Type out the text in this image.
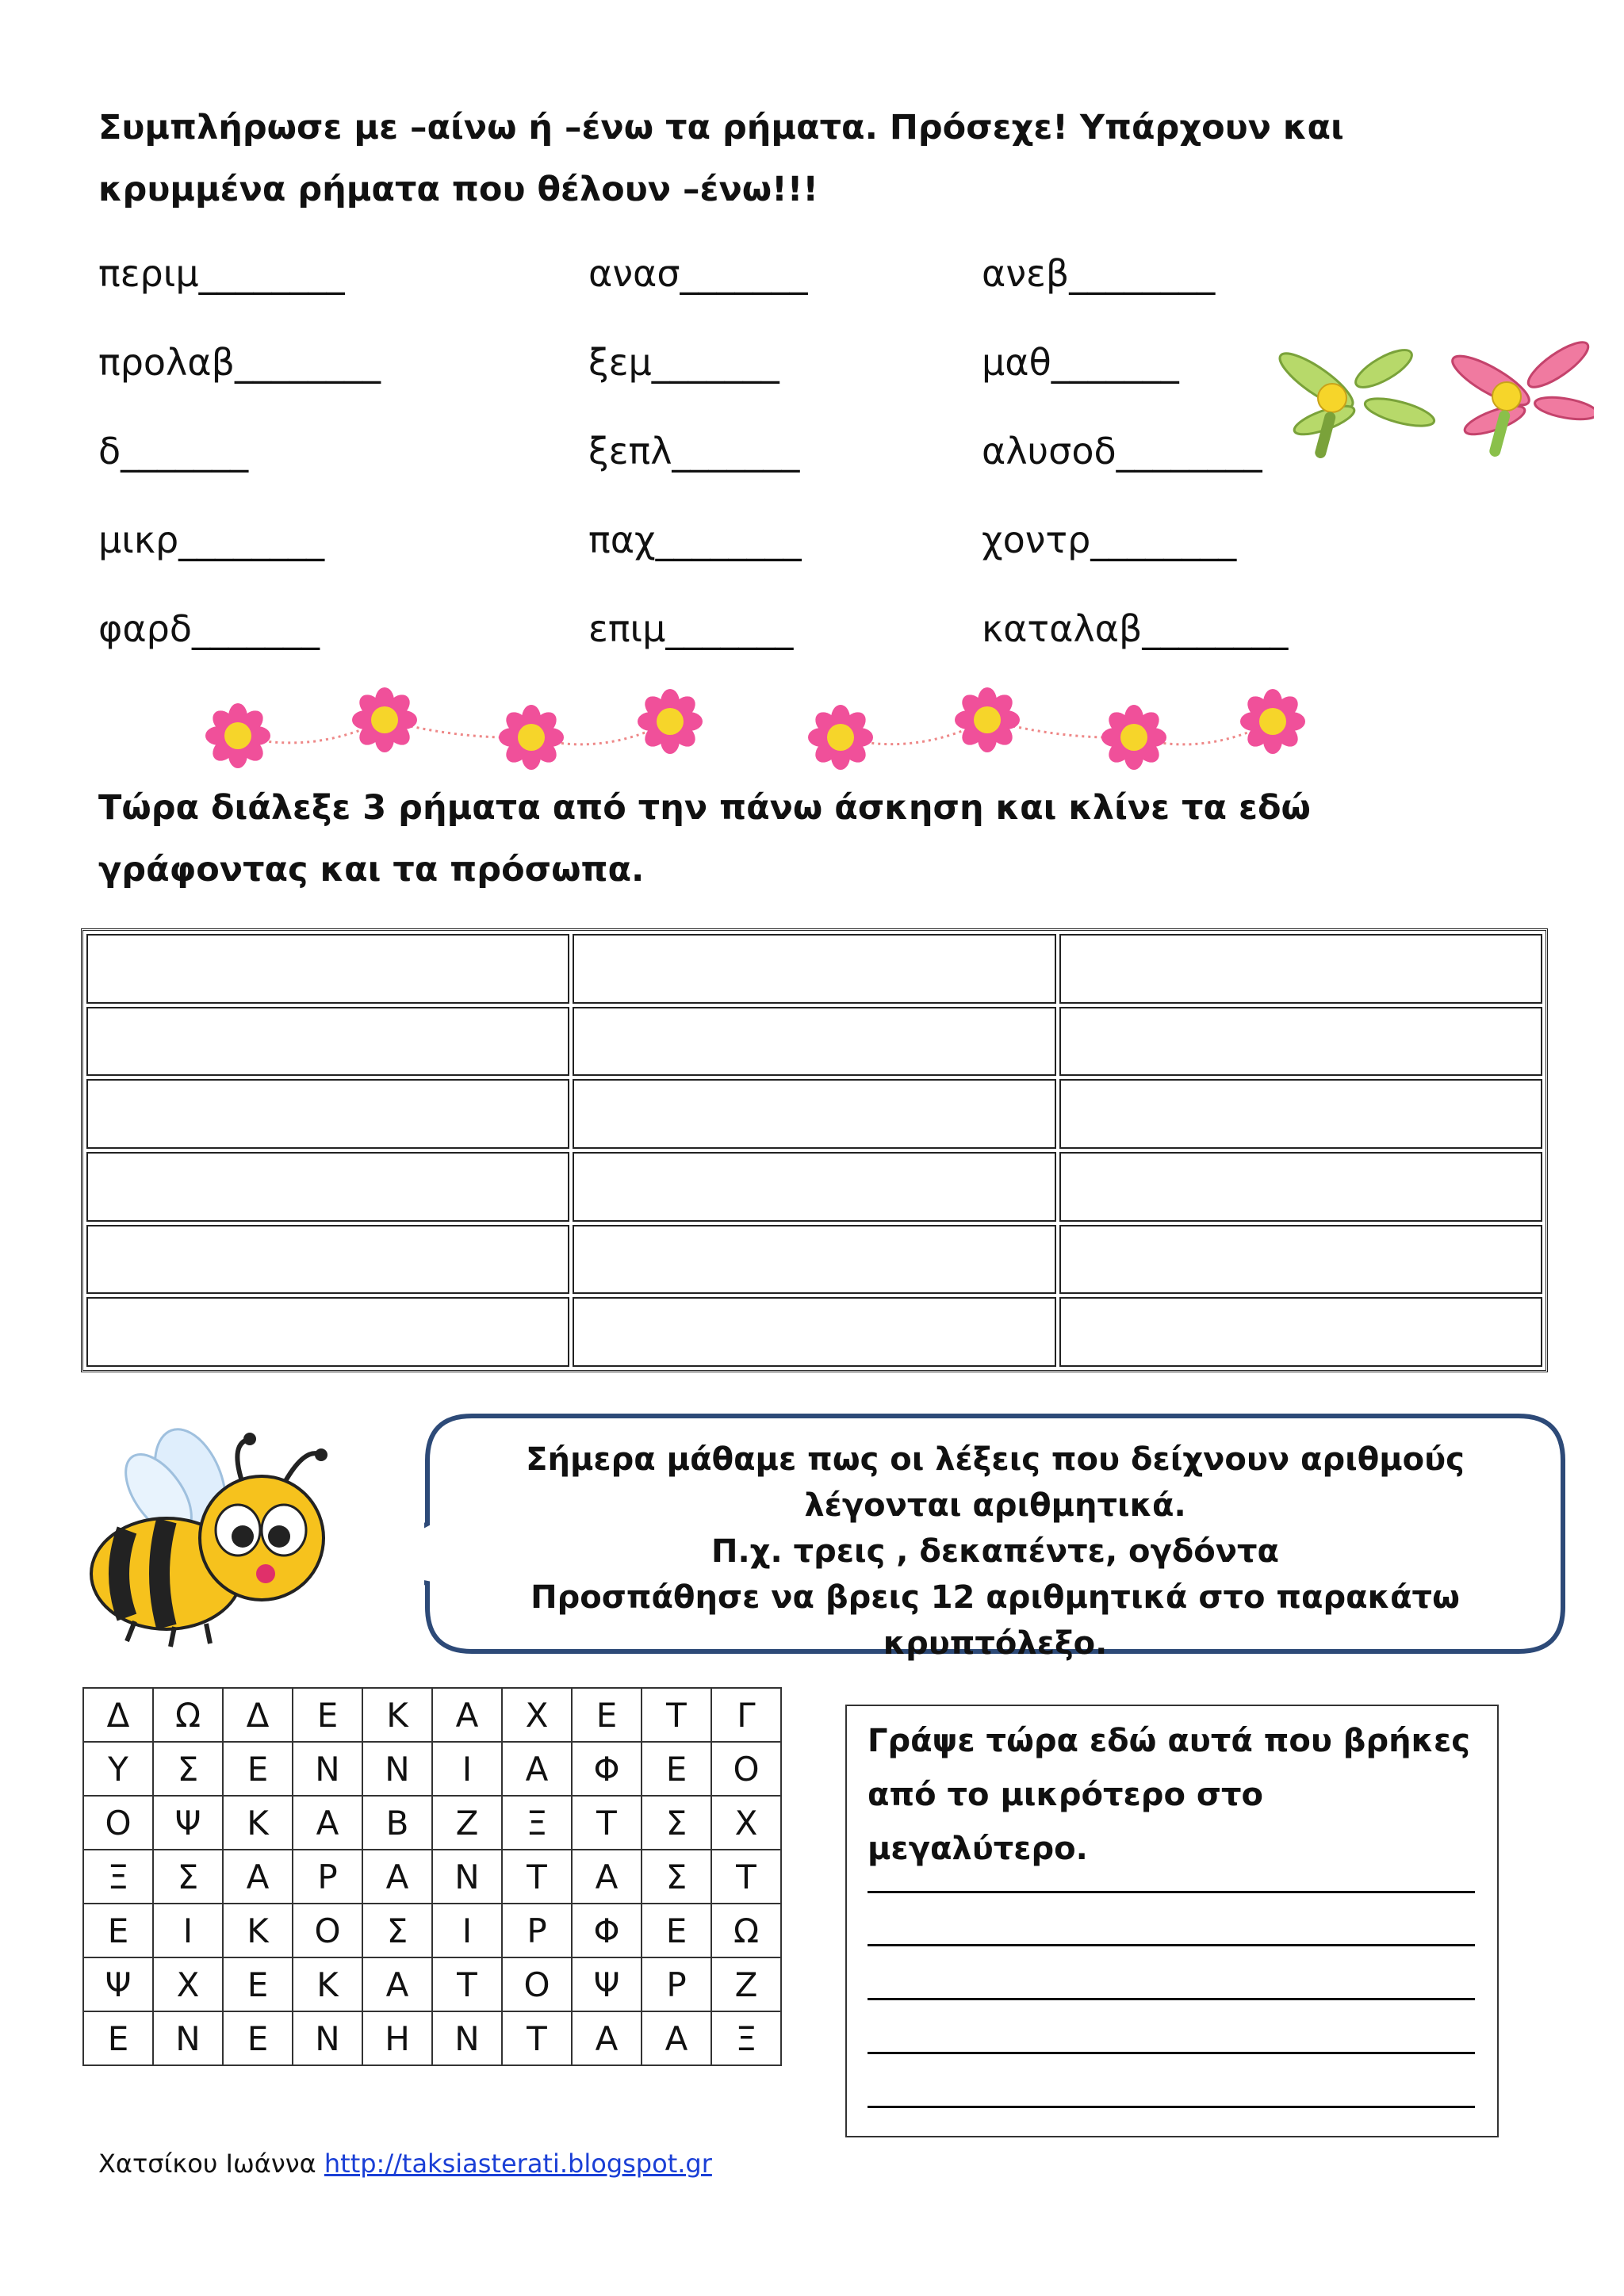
Συμπλήρωσε με –αίνω ή –ένω τα ρήματα. Πρόσεχε! Υπάρχουν και κρυμμένα ρήματα που θέλουν –ένω!!!
περιμ________	ανασ_______	ανεβ________
προλαβ________	ξεμ_______	μαθ_______
δ_______	ξεπλ_______	αλυσοδ________
μικρ________	παχ________	χοντρ________
φαρδ_______	επιμ_______	καταλαβ________
Τώρα διάλεξε 3 ρήματα από την πάνω άσκηση και κλίνε τα εδώ γράφοντας και τα πρόσωπα.

Σήμερα μάθαμε πως οι λέξεις που δείχνουν αριθμούς λέγονται αριθμητικά.
Π.χ. τρεις , δεκαπέντε, ογδόντα
Προσπάθησε να βρεις 12 αριθμητικά στο παρακάτω κρυπτόλεξο.
Δ	Ω	Δ	Ε	Κ	Α	Χ	Ε	Τ	Γ
Υ	Σ	Ε	Ν	Ν	Ι	Α	Φ	Ε	Ο
Ο	Ψ	Κ	Α	Β	Ζ	Ξ	Τ	Σ	Χ
Ξ	Σ	Α	Ρ	Α	Ν	Τ	Α	Σ	Τ
Ε	Ι	Κ	Ο	Σ	Ι	Ρ	Φ	Ε	Ω
Ψ	Χ	Ε	Κ	Α	Τ	Ο	Ψ	Ρ	Ζ
Ε	Ν	Ε	Ν	Η	Ν	Τ	Α	Α	Ξ
Γράψε τώρα εδώ αυτά που βρήκες από το μικρότερο στο μεγαλύτερο.
Χατσίκου Ιωάννα http://taksiasterati.blogspot.gr
